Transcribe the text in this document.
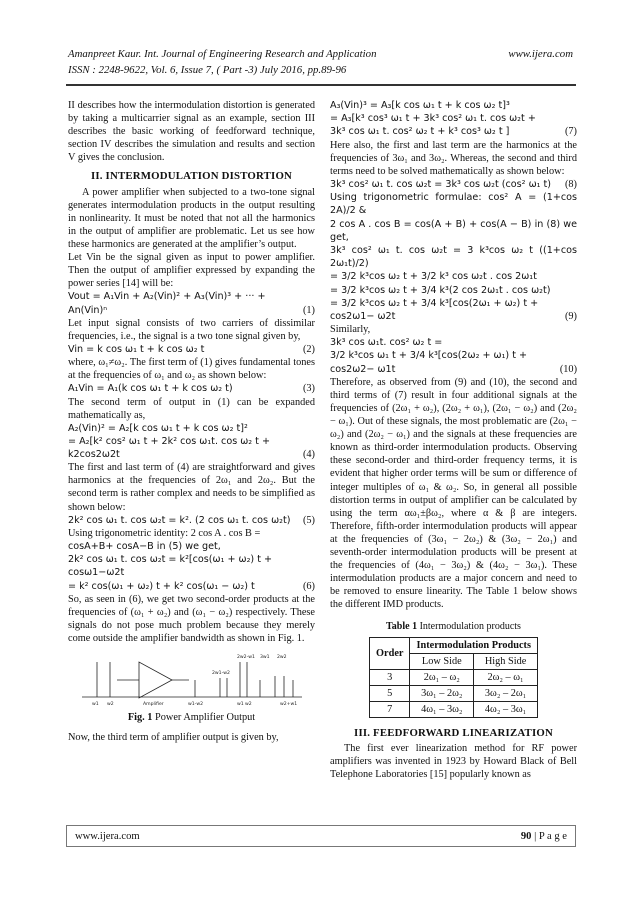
Amanpreet Kaur. Int. Journal of Engineering Research and Application	www.ijera.com
ISSN : 2248-9622, Vol. 6, Issue 7, ( Part -3) July 2016, pp.89-96

II describes how the intermodulation distortion is generated by taking a multicarrier signal as an example, section III describes the basic working of feedforward technique, section IV describes the simulation and results and section V gives the conclusion.

II. INTERMODULATION DISTORTION

A power amplifier when subjected to a two-tone signal generates intermodulation products in the output resulting in nonlinearity. It must be noted that not all the harmonics in the output of amplifier are problematic. Let us see how these harmonics are generated at the amplifier’s output.

Let Vin be the signal given as input to power amplifier. Then the output of amplifier expressed by expanding the power series [14] will be:

Vout = A₁Vin + A₂(Vin)² + A₃(Vin)³ + ··· +
An(Vin)ⁿ	(1)

Let input signal consists of two carriers of dissimilar frequencies, i.e., the signal is a two tone signal given by,

Vin = k cos ω₁ t + k cos ω₂ t	(2)

where, ω₁≠ω₂. The first term of (1) gives fundamental tones at the frequencies of ω₁ and ω₂ as shown below:

A₁Vin = A₁(k cos ω₁ t + k cos ω₂ t)	(3)

The second term of output in (1) can be expanded mathematically as,

A₂(Vin)² = A₂[k cos ω₁ t + k cos ω₂ t]²
= A₂[k² cos² ω₁ t + 2k² cos ω₁t. cos ω₂ t +
k2cos2ω2t	(4)

The first and last term of (4) are straightforward and gives harmonics at the frequencies of 2ω₁ and 2ω₂. But the second term is rather complex and needs to be simplified as shown below:

2k² cos ω₁ t. cos ω₂t = k². (2 cos ω₁ t. cos ω₂t) (5)

Using trigonometric identity: 2 cos A . cos B =

cosA+B+ cosA−B in (5) we get,

2k² cos ω₁ t. cos ω₂t = k²[cos(ω₁ + ω₂) t +
cosω1−ω2t
= k² cos(ω₁ + ω₂) t + k² cos(ω₁ − ω₂) t	(6)

So, as seen in (6), we get two second-order products at the frequencies of (ω₁ + ω₂) and (ω₁ − ω₂) respectively. These signals do not pose much problem because they merely come outside the amplifier bandwidth as shown in Fig. 1.

w1 w2	Amplifier
2w1-w2
2w2-w1 3w1 2w2
w1-w2	w1 w2	w2+w1
Fig. 1 Power Amplifier Output

Now, the third term of amplifier output is given by,

A₃(Vin)³ = A₃[k cos ω₁ t + k cos ω₂ t]³
= A₃[k³ cos³ ω₁ t + 3k³ cos² ω₁ t. cos ω₂t +
3k³ cos ω₁ t. cos² ω₂ t + k³ cos³ ω₂ t ]	(7)

Here also, the first and last term are the harmonics at the frequencies of 3ω₁ and 3ω₂. Whereas, the second and third terms need to be solved mathematically as shown below:

3k³ cos² ω₁ t. cos ω₂t = 3k³ cos ω₂t (cos² ω₁ t) (8)

Using trigonometric formulae: cos² A = (1+cos 2A)/2 &

2 cos A . cos B = cos(A + B) + cos(A − B) in (8) we get,

3k³ cos² ω₁ t. cos ω₂t = 3 k³cos ω₂ t ((1+cos 2ω₁t)/2)
= 3/2 k³cos ω₂ t + 3/2 k³ cos ω₂t . cos 2ω₁t
= 3/2 k³cos ω₂ t + 3/4 k³(2 cos 2ω₁t . cos ω₂t)
= 3/2 k³cos ω₂ t + 3/4 k³[cos(2ω₁ + ω₂) t +
cos2ω1− ω2t	(9)

Similarly,

3k³ cos ω₁t. cos² ω₂ t =
3/2 k³cos ω₁ t + 3/4 k³[cos(2ω₂ + ω₁) t +
cos2ω2− ω1t	(10)

Therefore, as observed from (9) and (10), the second and third terms of (7) result in four additional signals at the frequencies of (2ω₁ + ω₂), (2ω₂ + ω₁), (2ω₁ − ω₂) and (2ω₂ − ω₁). Out of these signals, the most problematic are (2ω₁ − ω₂) and (2ω₂ − ω₁) and the signals at these frequencies are known as third-order intermodulation products. Observing these second-order and third-order frequency terms, it is evident that higher order terms will be sum or difference of integer multiples of ω₁ & ω₂. So, in general all possible distortion terms in output of amplifier can be calculated by using the term αω₁±βω₂, where α & β are integers. Therefore, fifth-order intermodulation products will appear at the frequencies of (3ω₁ − 2ω₂) & (3ω₂ − 2ω₁) and seventh-order intermodulation products will be present at the frequencies of (4ω₁ − 3ω₂) & (4ω₂ − 3ω₁). These intermodulation products are a major concern and need to be removed to ensure linearity. The Table 1 below shows the different IMD products.

Table 1 Intermodulation products
Order	Intermodulation Products	
	Low Side	High Side
3	2ω₁ – ω₂	2ω₂ – ω₁
5	3ω₁ – 2ω₂	3ω₂ – 2ω₁
7	4ω₁ – 3ω₂	4ω₂ – 3ω₁
III. FEEDFORWARD LINEARIZATION

The first ever linearization method for RF power amplifiers was invented in 1923 by Howard Black of Bell Telephone Laboratories [15] popularly known as

www.ijera.com	90 | P a g e
